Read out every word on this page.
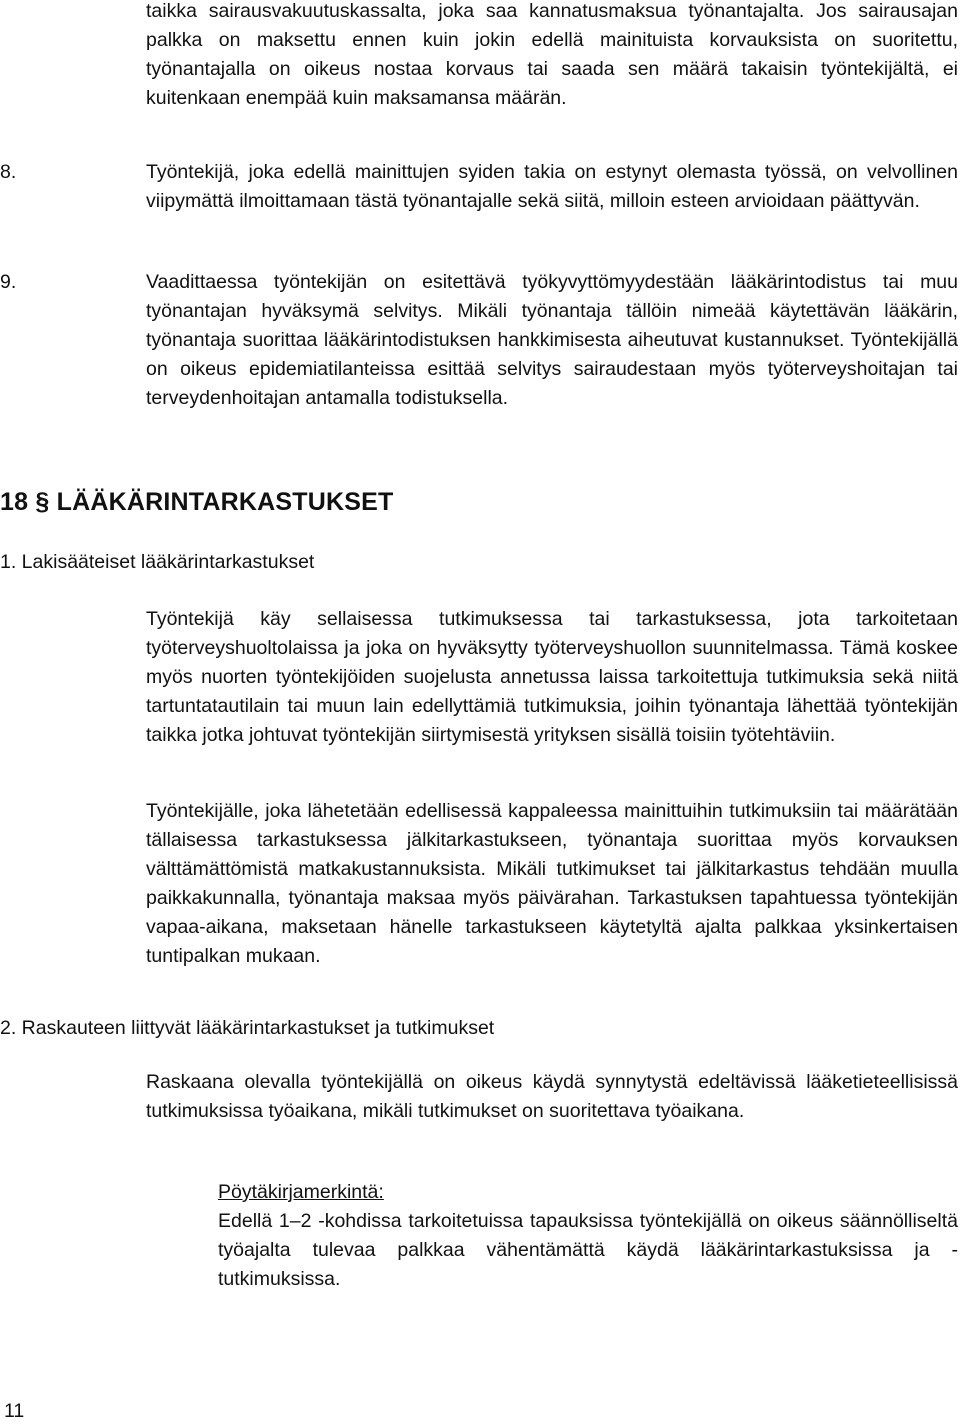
taikka sairausvakuutuskassalta, joka saa kannatusmaksua työnantajalta. Jos sairausajan palkka on maksettu ennen kuin jokin edellä mainituista korvauksista on suoritettu, työnantajalla on oikeus nostaa korvaus tai saada sen määrä takaisin työntekijältä, ei kuitenkaan enempää kuin maksamansa määrän.

8.	Työntekijä, joka edellä mainittujen syiden takia on estynyt olemasta työssä, on velvollinen viipymättä ilmoittamaan tästä työnantajalle sekä siitä, milloin esteen arvioidaan päättyvän.

9.	Vaadittaessa työntekijän on esitettävä työkyvyttömyydestään lääkärintodistus tai muu työnantajan hyväksymä selvitys. Mikäli työnantaja tällöin nimeää käytettävän lääkärin, työnantaja suorittaa lääkärintodistuksen hankkimisesta aiheutuvat kustannukset. Työntekijällä on oikeus epidemiatilanteissa esittää selvitys sairaudestaan myös työterveyshoitajan tai terveydenhoitajan antamalla todistuksella.

18 § LÄÄKÄRINTARKASTUKSET

1. Lakisääteiset lääkärintarkastukset

Työntekijä käy sellaisessa tutkimuksessa tai tarkastuksessa, jota tarkoitetaan työterveyshuoltolaissa ja joka on hyväksytty työterveyshuollon suunnitelmassa. Tämä koskee myös nuorten työntekijöiden suojelusta annetussa laissa tarkoitettuja tutkimuksia sekä niitä tartuntatautilain tai muun lain edellyttämiä tutkimuksia, joihin työnantaja lähettää työntekijän taikka jotka johtuvat työntekijän siirtymisestä yrityksen sisällä toisiin työtehtäviin.

Työntekijälle, joka lähetetään edellisessä kappaleessa mainittuihin tutkimuksiin tai määrätään tällaisessa tarkastuksessa jälkitarkastukseen, työnantaja suorittaa myös korvauksen välttämättömistä matkakustannuksista. Mikäli tutkimukset tai jälkitarkastus tehdään muulla paikkakunnalla, työnantaja maksaa myös päivärahan. Tarkastuksen tapahtuessa työntekijän vapaa-aikana, maksetaan hänelle tarkastukseen käytetyltä ajalta palkkaa yksinkertaisen tuntipalkan mukaan.

2. Raskauteen liittyvät lääkärintarkastukset ja tutkimukset

Raskaana olevalla työntekijällä on oikeus käydä synnytystä edeltävissä lääketieteellisissä tutkimuksissa työaikana, mikäli tutkimukset on suoritettava työaikana.

Pöytäkirjamerkintä:
Edellä 1–2 -kohdissa tarkoitetuissa tapauksissa työntekijällä on oikeus säännölliseltä työajalta tulevaa palkkaa vähentämättä käydä lääkärintarkastuksissa ja -tutkimuksissa.
11
